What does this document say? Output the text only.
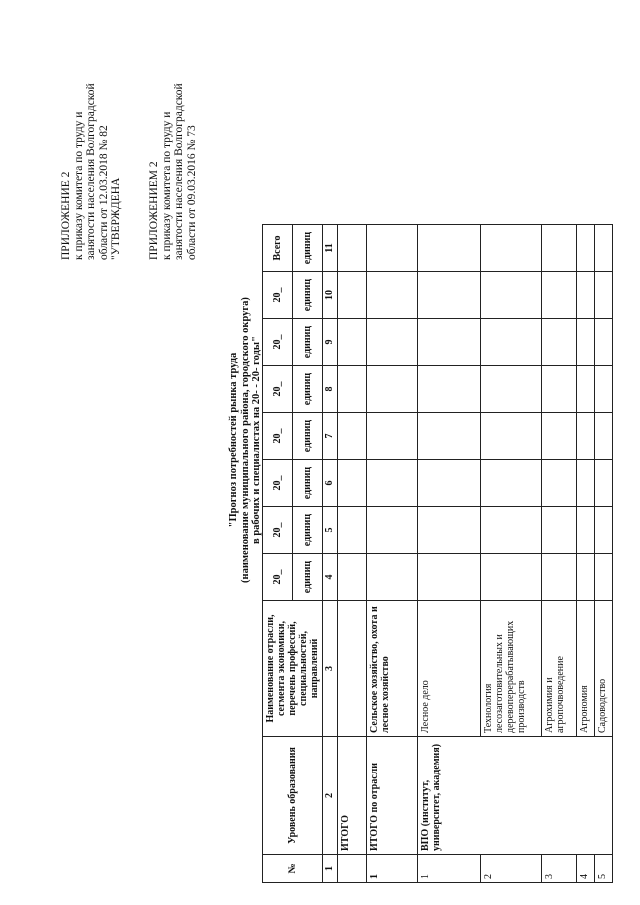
ПРИЛОЖЕНИЕ 2 к приказу комитета по труду и занятости населения Волгоградской области от 12.03.2018 № 82 "УТВЕРЖДЕНА ПРИЛОЖЕНИЕМ 2 к приказу комитета по труду и занятости населения Волгоградской области от 09.03.2016 № 73
"Прогноз потребностей рынка труда (наименование муниципального района, городского округа) в рабочих и специалистах на 20- - 20- годы"
№	Уровень образования	Наименование отрасли, сегмента экономики, перечень профессий, специальностей, направлений	20_	20_	20_	20_	20_	20_	20_	Всего
			единиц	единиц	единиц	единиц	единиц	единиц	единиц	единиц
1	2	3	4	5	6	7	8	9	10	11
	ИТОГО									
1	ИТОГО по отрасли	Сельское хозяйство, охота и лесное хозяйство								
1	ВПО (институт, университет, академия)	Лесное дело								
2		Технология лесозаготовительных и деревоперерабатывающих производств								
3		Агрохимия и агропочвоведение								
4		Агрономия								
5		Садоводство								
